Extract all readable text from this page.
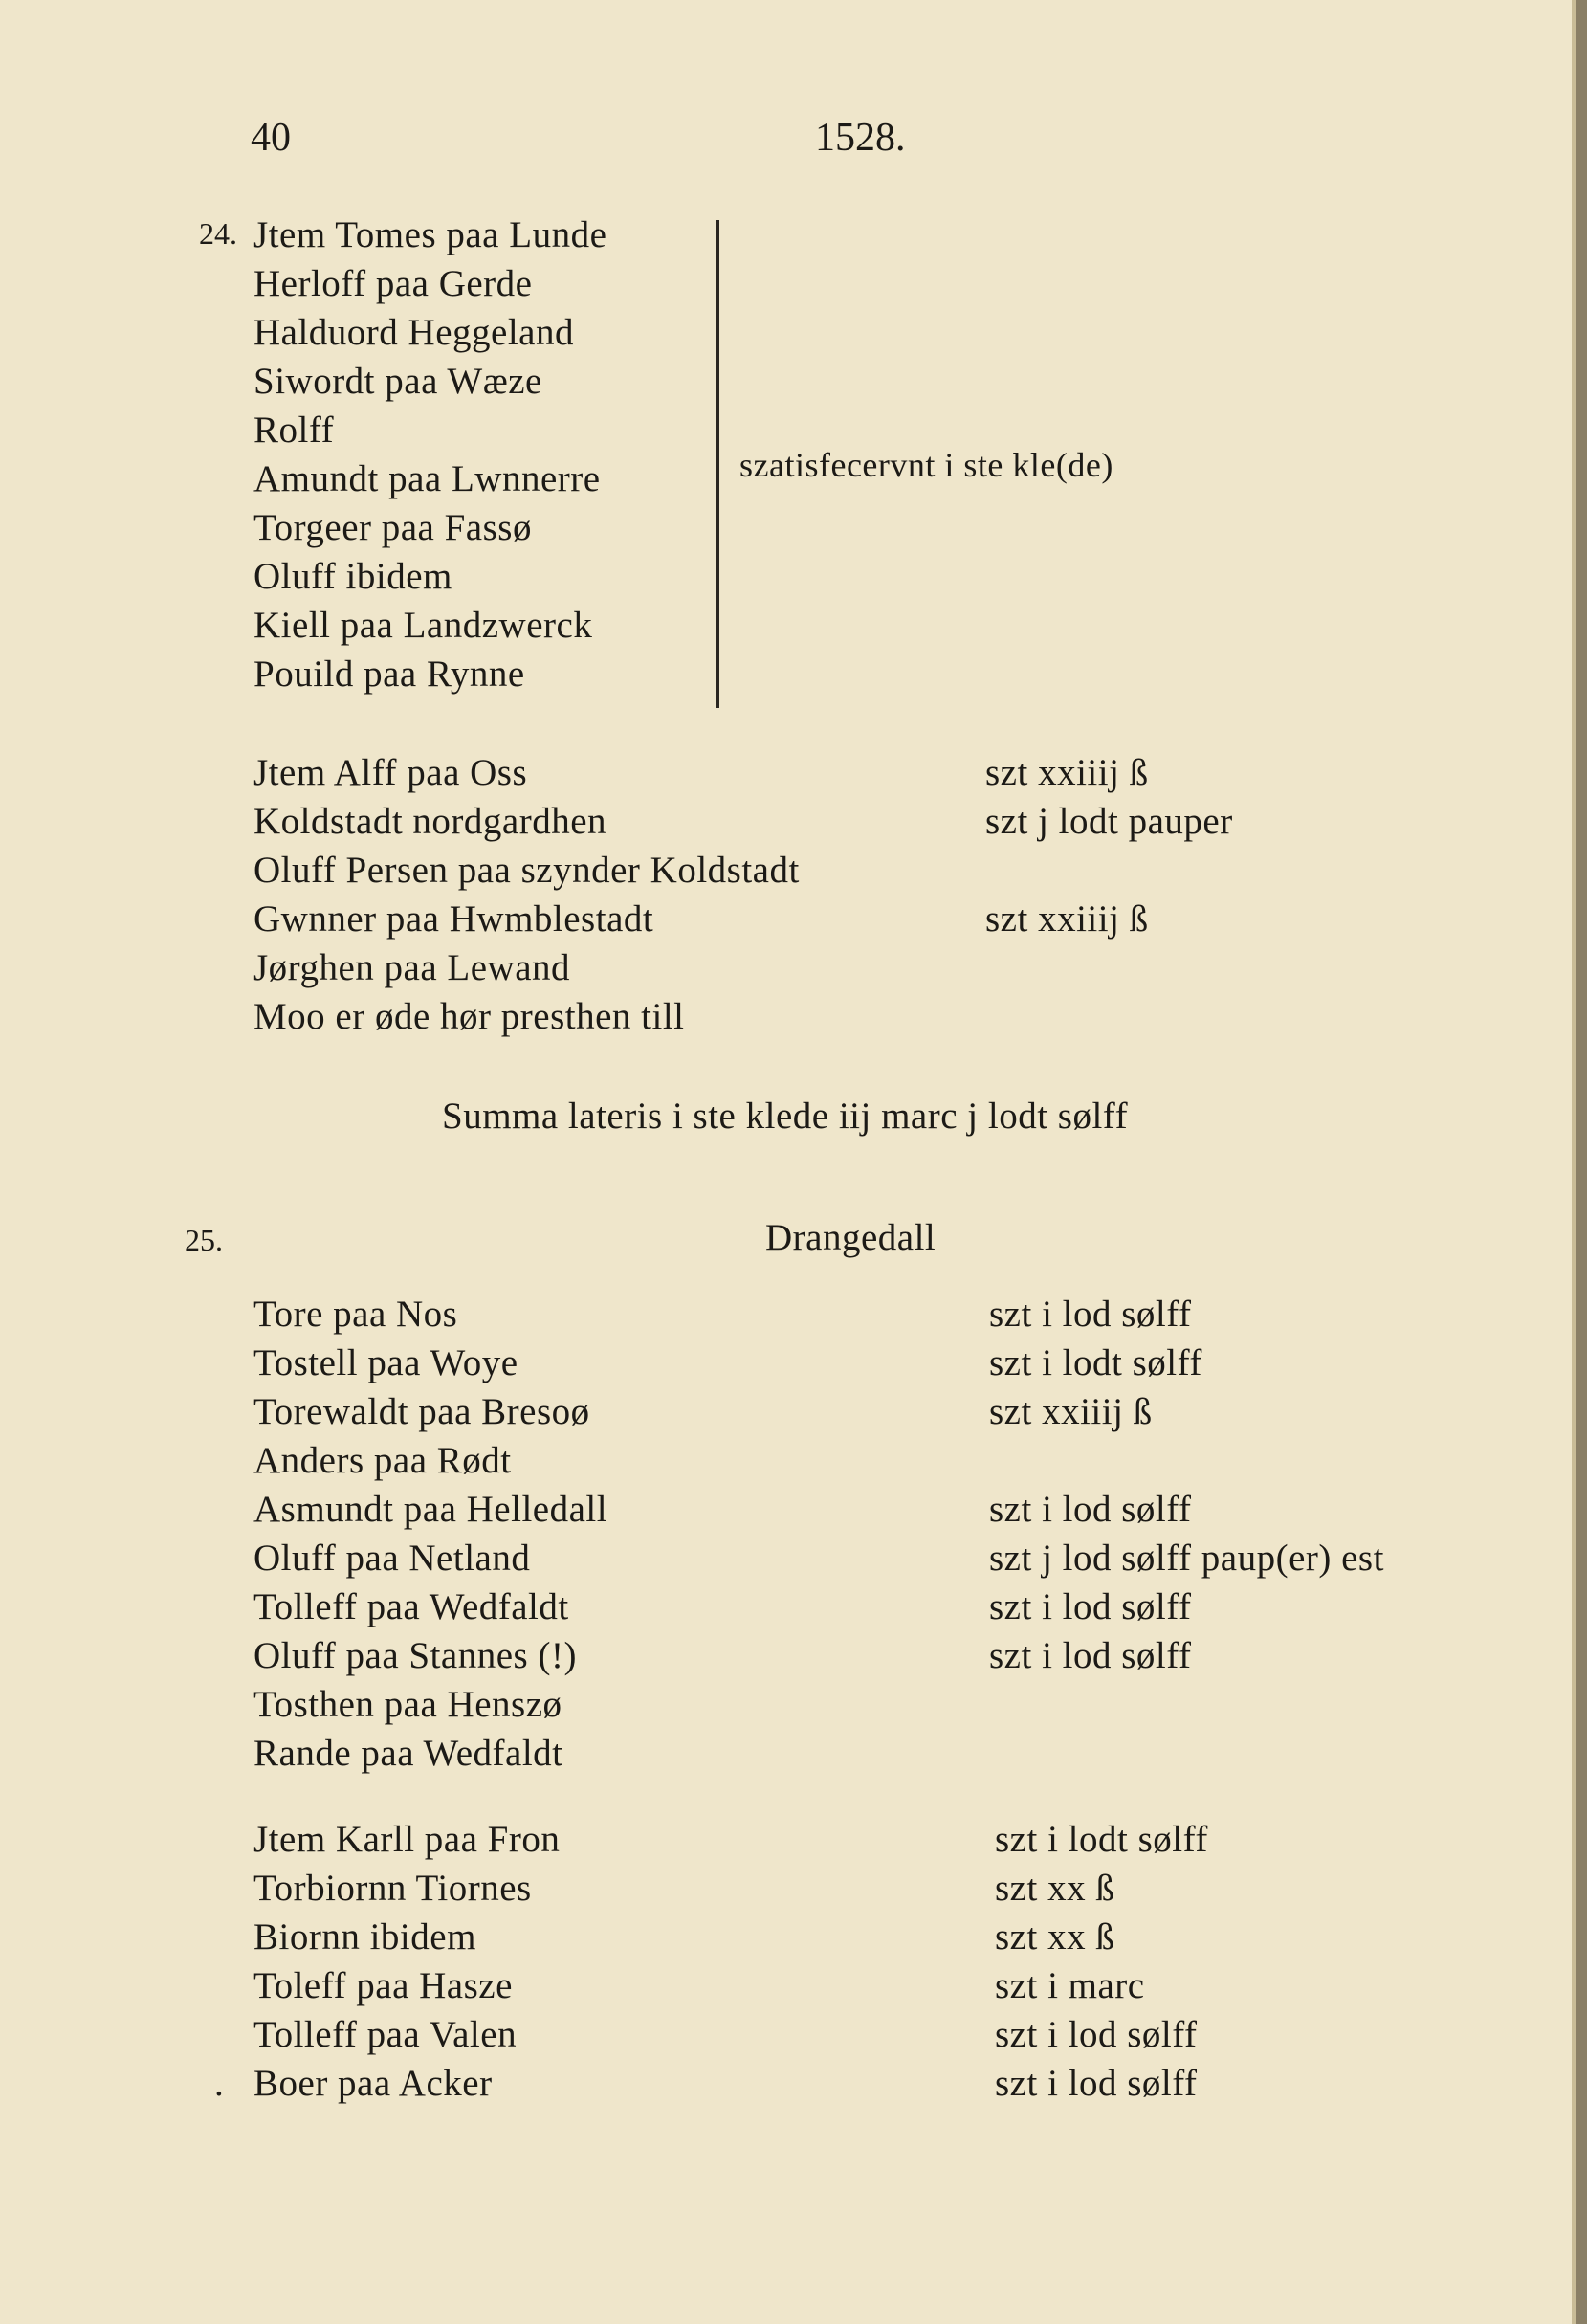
40	1528.
24. Jtem Tomes paa Lunde
Herloff paa Gerde
Halduord Heggeland
Siwordt paa Wæze
Rolff
Amundt paa Lwnnerre
Torgeer paa Fassø
Oluff ibidem
Kiell paa Landzwerck
Pouild paa Rynne
szatisfecervnt i ste kle(de)
Jtem Alff paa Oss
Koldstadt nordgardhen
Oluff Persen paa szynder Koldstadt
Gwnner paa Hwmblestadt
Jørghen paa Lewand
Moo er øde hør presthen till
szt xxiiij ß
szt j lodt pauper
szt xxiiij ß
Summa lateris i ste klede iij marc j lodt sølff
25.	Drangedall
Tore paa Nos
Tostell paa Woye
Torewaldt paa Bresoø
Anders paa Rødt
Asmundt paa Helledall
Oluff paa Netland
Tolleff paa Wedfaldt
Oluff paa Stannes (!)
Tosthen paa Henszø
Rande paa Wedfaldt
szt i lod sølff
szt i lodt sølff
szt xxiiij ß
szt i lod sølff
szt j lod sølff paup(er) est
szt i lod sølff
szt i lod sølff
Jtem Karll paa Fron
Torbiornn Tiornes
Biornn ibidem
Toleff paa Hasze
Tolleff paa Valen
Boer paa Acker
.
szt i lodt sølff
szt xx ß
szt xx ß
szt i marc
szt i lod sølff
szt i lod sølff
